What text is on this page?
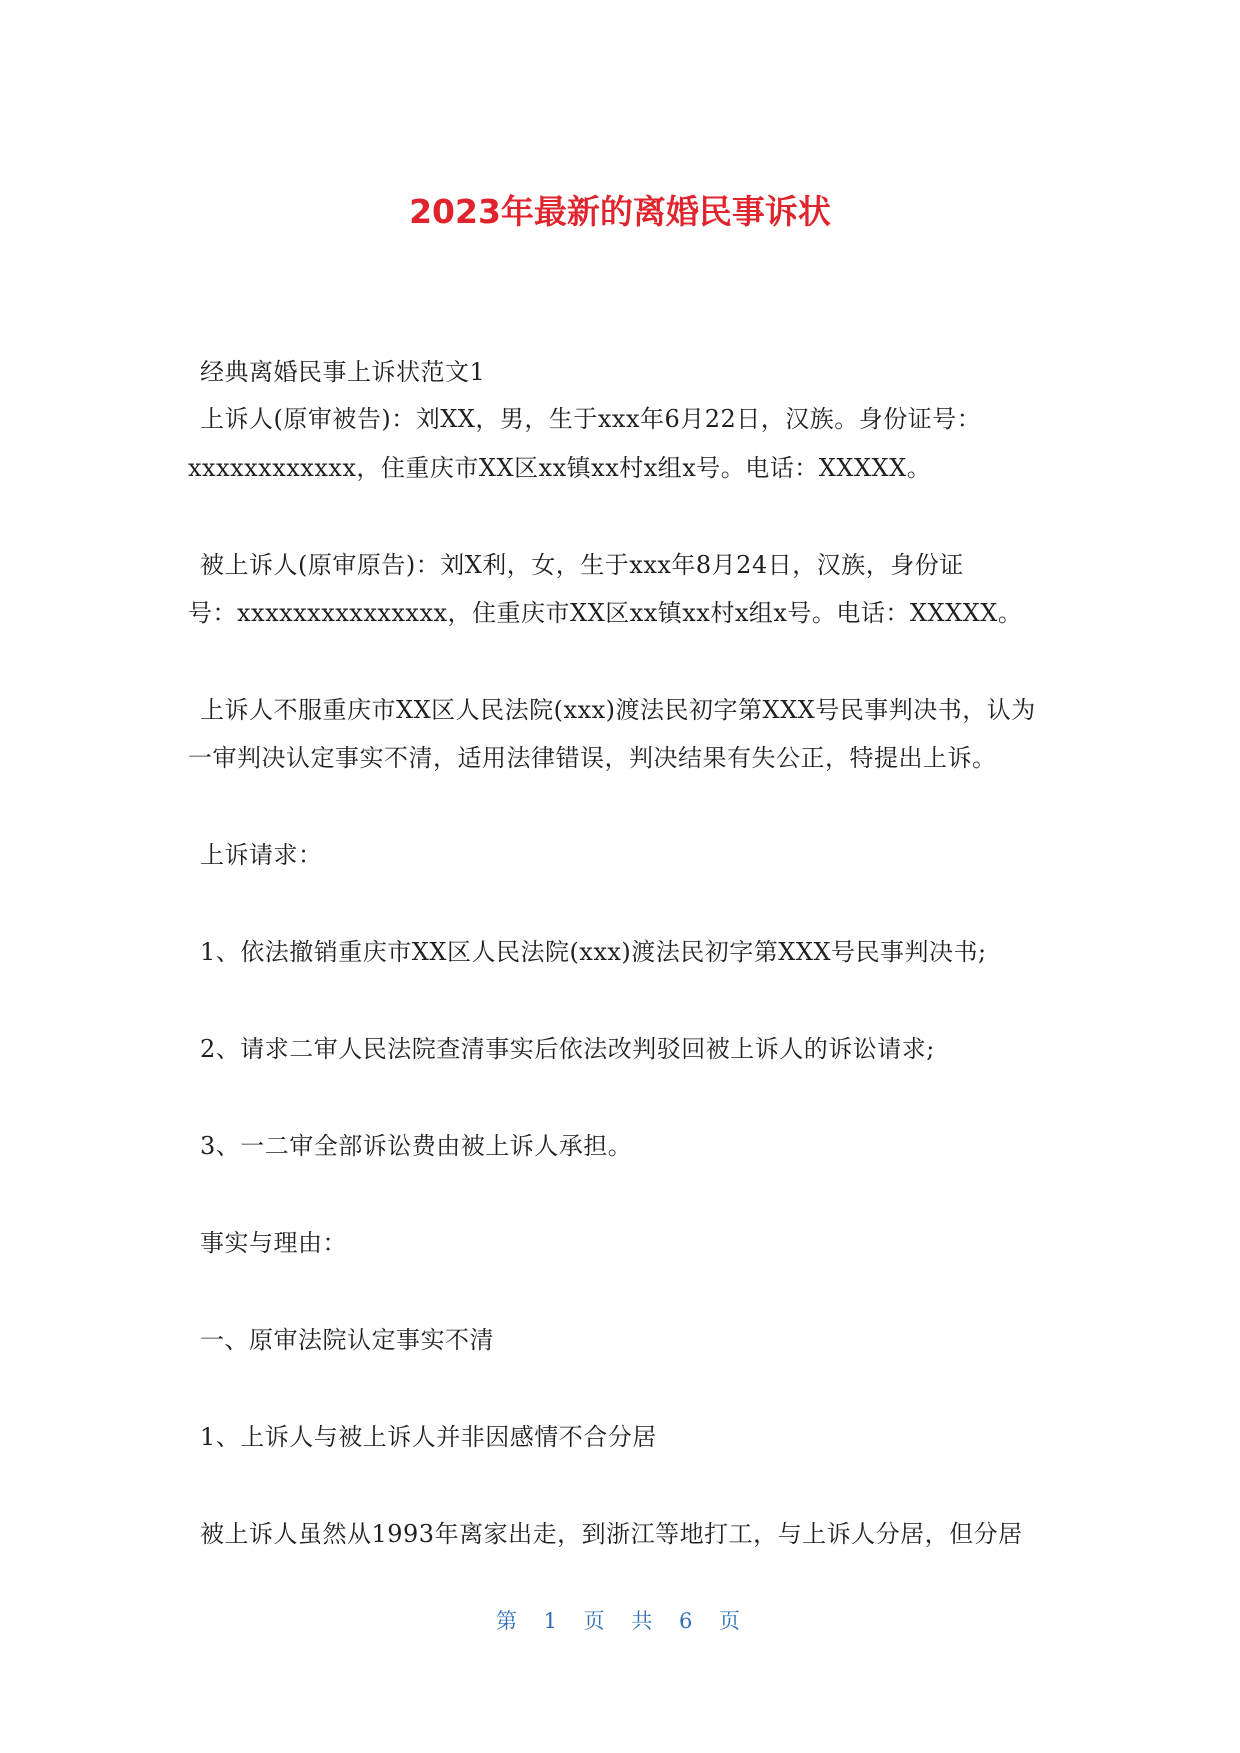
2023年最新的离婚民事诉状
经典离婚民事上诉状范文1
上诉人(原审被告)：刘XX，男，生于xxx年6月22日，汉族。身份证号：
xxxxxxxxxxxx，住重庆市XX区xx镇xx村x组x号。电话：XXXXX。
被上诉人(原审原告)：刘X利，女，生于xxx年8月24日，汉族，身份证
号：xxxxxxxxxxxxxxx，住重庆市XX区xx镇xx村x组x号。电话：XXXXX。
上诉人不服重庆市XX区人民法院(xxx)渡法民初字第XXX号民事判决书，认为
一审判决认定事实不清，适用法律错误，判决结果有失公正，特提出上诉。
上诉请求：
1、依法撤销重庆市XX区人民法院(xxx)渡法民初字第XXX号民事判决书;
2、请求二审人民法院查清事实后依法改判驳回被上诉人的诉讼请求;
3、一二审全部诉讼费由被上诉人承担。
事实与理由：
一、原审法院认定事实不清
1、上诉人与被上诉人并非因感情不合分居
被上诉人虽然从1993年离家出走，到浙江等地打工，与上诉人分居，但分居
第 1 页 共 6 页
